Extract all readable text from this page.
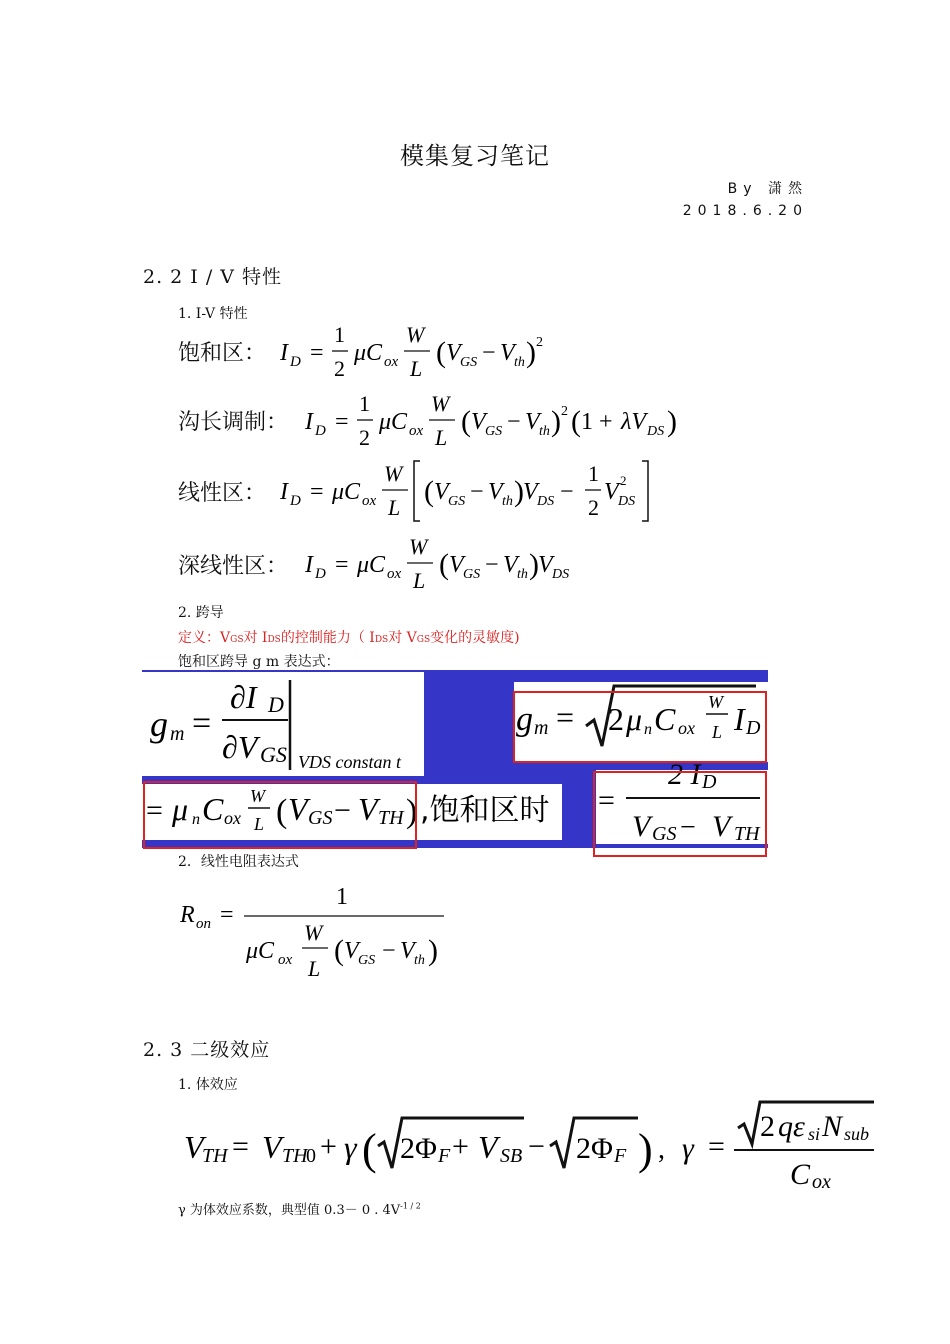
模集复习笔记
By 潇然
2018.6.20
2. 2 I / V 特性
1. I-V 特性
饱和区： I D =
1
2
μC ox
W
L ( V GS − V th ) 2
沟长调制： I D =
1
2
μC ox
W
L ( V GS − V th ) 2 ( 1 + λV DS )
线性区： I D = μC ox
W
L ( V GS − V th ) V DS −
1
2
V 2
DS
深线性区： I D = μC ox
W
L ( V GS − V th ) V DS
2. 跨导
定义：VGS对 IDS的控制能力（ IDS对 VGS变化的灵敏度)
饱和区跨导 g m 表达式：
g m =
∂I D
∂V GS VDS constan t
g m = 2 μ n C ox
W
L I D
= μ n C ox
W
L ( V GS − V TH ) ,饱和区时 =
2 I D
V GS − V TH
2．线性电阻表达式
R on =
1
μC ox
W
L
( V GS − V th )
2. 3 二级效应
1. 体效应
V
TH = V TH
0 + γ ( 2Φ F + V SB − 2Φ F ) , γ =
2 qε si N sub
C ox
γ 为体效应系数，典型值 0.3－ 0 . $4V^{-1 / 2}$
